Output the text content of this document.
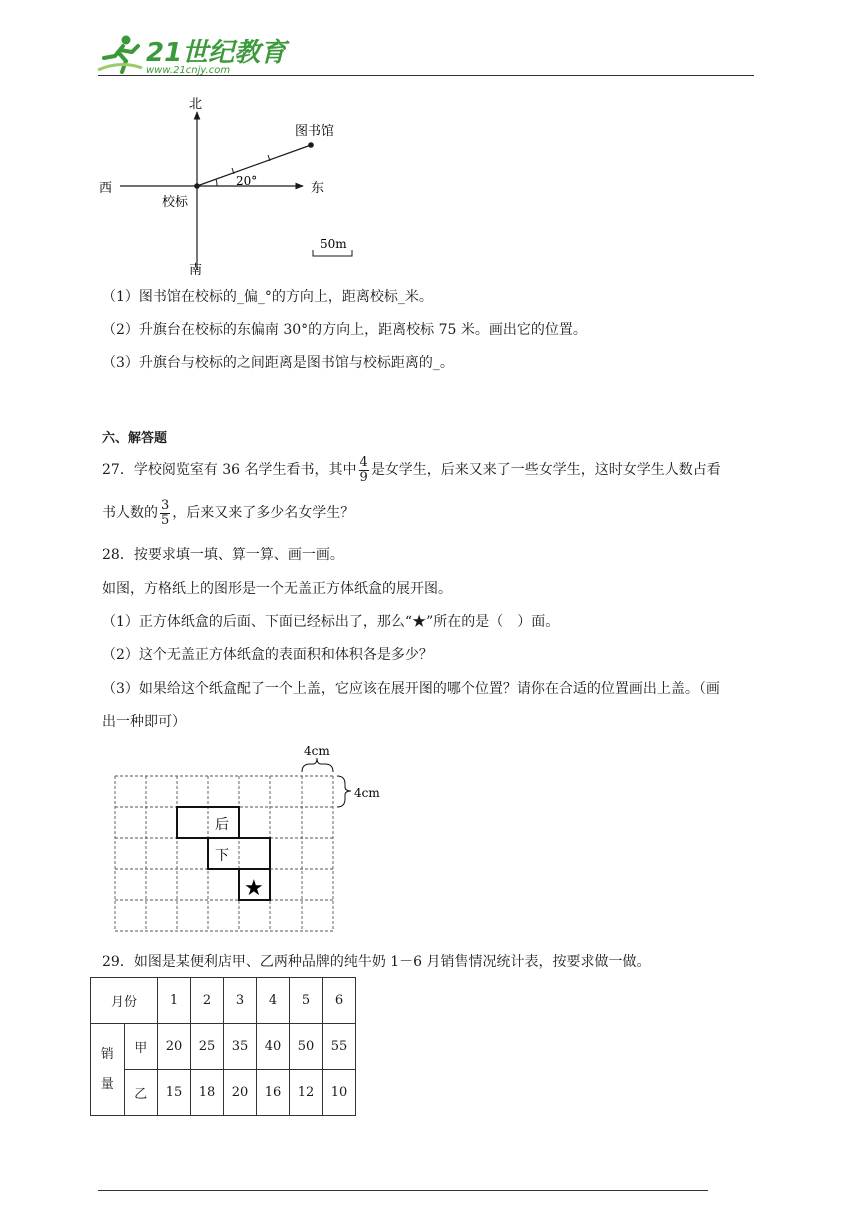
21世纪教育
www.21cnjy.com
北
南
东
西
图书馆
校标
20°
50m
（1）图书馆在校标的_偏_°的方向上，距离校标_米。
（2）升旗台在校标的东偏南 30°的方向上，距离校标 75 米。画出它的位置。
（3）升旗台与校标的之间距离是图书馆与校标距离的_。
六、解答题
27．学校阅览室有 36 名学生看书，其中 $\frac{4}{9}$ 是女学生，后来又来了一些女学生，这时女学生人数占看
书人数的 $\frac{3}{5}$ ，后来又来了多少名女学生？
28．按要求填一填、算一算、画一画。
如图，方格纸上的图形是一个无盖正方体纸盒的展开图。
（1）正方体纸盒的后面、下面已经标出了，那么“★”所在的是（　）面。
（2）这个无盖正方体纸盒的表面积和体积各是多少？
（3）如果给这个纸盒配了一个上盖，它应该在展开图的哪个位置？请你在合适的位置画出上盖。（画
出一种即可）
后
下
★
4cm
4cm
29．如图是某便利店甲、乙两种品牌的纯牛奶 1－6 月销售情况统计表，按要求做一做。
月份		1	2	3	4	5	6
销
量	甲	20	25	35	40	50	55
	乙	15	18	20	16	12	10
